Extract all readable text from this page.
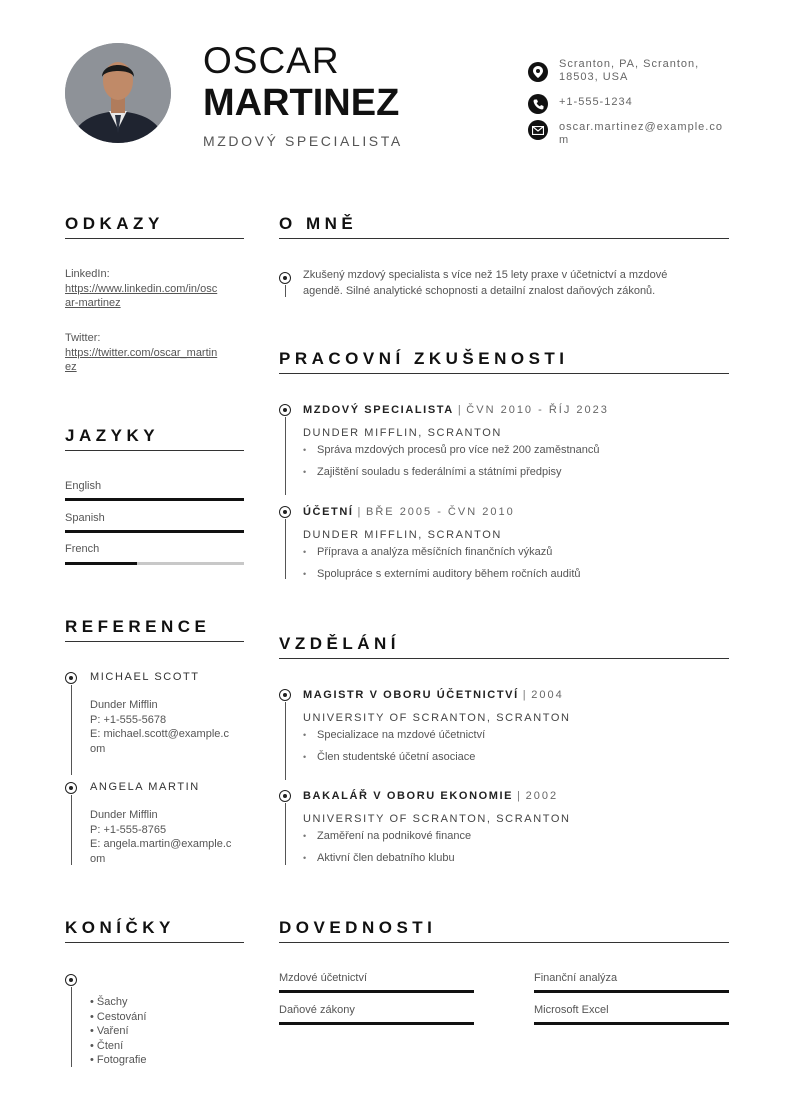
OSCAR
MARTINEZ
MZDOVÝ SPECIALISTA
Scranton, PA, Scranton,
18503, USA
+1-555-1234
oscar.martinez@example.co
m
ODKAZY
LinkedIn:
https://www.linkedin.com/in/osc
ar-martinez
Twitter:
https://twitter.com/oscar_martin
ez
JAZYKY
English
Spanish
French
REFERENCE
MICHAEL SCOTT
Dunder Mifflin
P: +1-555-5678
E: michael.scott@example.c
om
ANGELA MARTIN
Dunder Mifflin
P: +1-555-8765
E: angela.martin@example.c
om
KONÍČKY
• Šachy
• Cestování
• Vaření
• Čtení
• Fotografie
O MNĚ
Zkušený mzdový specialista s více než 15 lety praxe v účetnictví a mzdové
agendě. Silné analytické schopnosti a detailní znalost daňových zákonů.
PRACOVNÍ ZKUŠENOSTI
MZDOVÝ SPECIALISTA | ČVN 2010 - ŘÍJ 2023
DUNDER MIFFLIN, SCRANTON
• Správa mzdových procesů pro více než 200 zaměstnanců
• Zajištění souladu s federálními a státními předpisy
ÚČETNÍ | BŘE 2005 - ČVN 2010
DUNDER MIFFLIN, SCRANTON
• Příprava a analýza měsíčních finančních výkazů
• Spolupráce s externími auditory během ročních auditů
VZDĚLÁNÍ
MAGISTR V OBORU ÚČETNICTVÍ | 2004
UNIVERSITY OF SCRANTON, SCRANTON
• Specializace na mzdové účetnictví
• Člen studentské účetní asociace
BAKALÁŘ V OBORU EKONOMIE | 2002
UNIVERSITY OF SCRANTON, SCRANTON
• Zaměření na podnikové finance
• Aktivní člen debatního klubu
DOVEDNOSTI
Mzdové účetnictví	Finanční analýza
Daňové zákony	Microsoft Excel
